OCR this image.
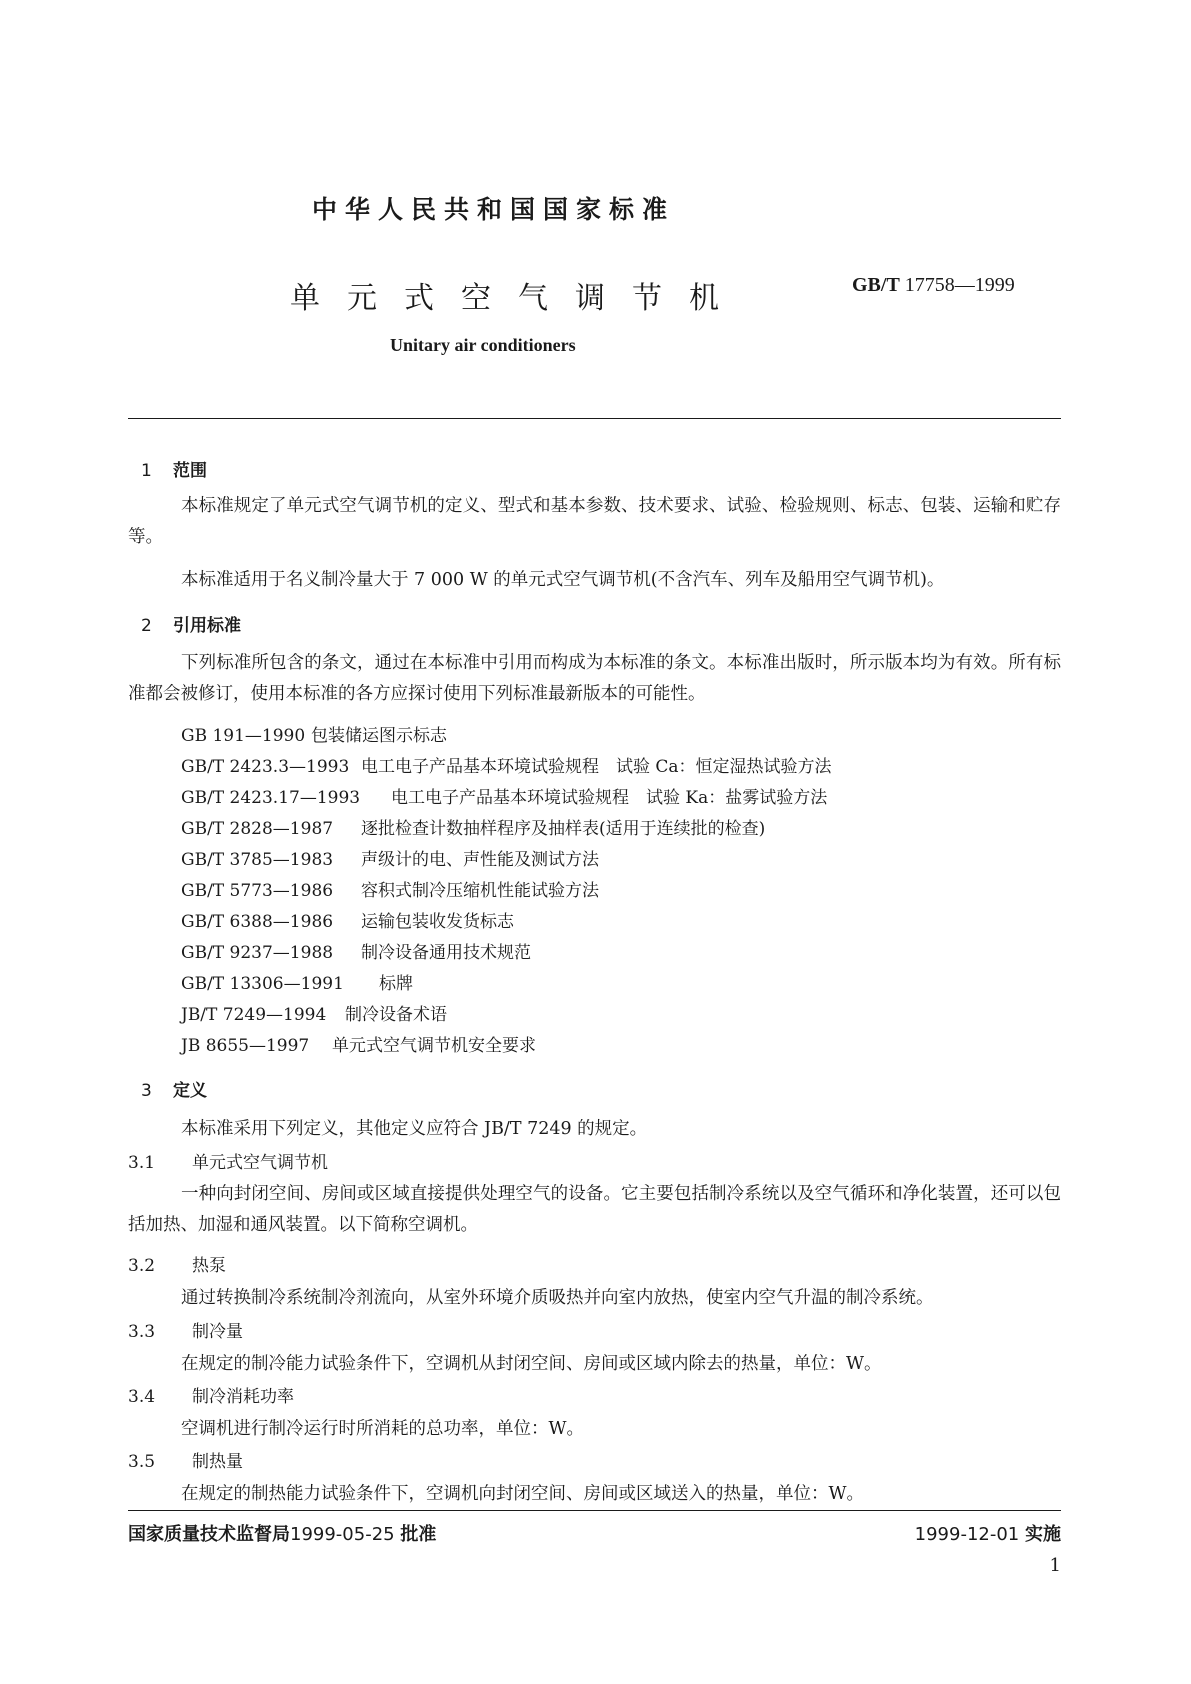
中华人民共和国国家标准
单元式空气调节机	GB/T 17758—1999
Unitary air conditioners
1 范围
本标准规定了单元式空气调节机的定义、型式和基本参数、技术要求、试验、检验规则、标志、包装、运输和贮存等。
本标准适用于名义制冷量大于 7 000 W 的单元式空气调节机(不含汽车、列车及船用空气调节机)。
2 引用标准
下列标准所包含的条文，通过在本标准中引用而构成为本标准的条文。本标准出版时，所示版本均为有效。所有标准都会被修订，使用本标准的各方应探讨使用下列标准最新版本的可能性。
GB 191—1990 包装储运图示标志
GB/T 2423.3—1993 电工电子产品基本环境试验规程　试验 Ca：恒定湿热试验方法
GB/T 2423.17—1993 电工电子产品基本环境试验规程　试验 Ka：盐雾试验方法
GB/T 2828—1987 逐批检查计数抽样程序及抽样表(适用于连续批的检查)
GB/T 3785—1983 声级计的电、声性能及测试方法
GB/T 5773—1986 容积式制冷压缩机性能试验方法
GB/T 6388—1986 运输包装收发货标志
GB/T 9237—1988 制冷设备通用技术规范
GB/T 13306—1991 标牌
JB/T 7249—1994 制冷设备术语
JB 8655—1997 单元式空气调节机安全要求
3 定义
本标准采用下列定义，其他定义应符合 JB/T 7249 的规定。
3.1 单元式空气调节机
一种向封闭空间、房间或区域直接提供处理空气的设备。它主要包括制冷系统以及空气循环和净化装置，还可以包括加热、加湿和通风装置。以下简称空调机。
3.2 热泵
通过转换制冷系统制冷剂流向，从室外环境介质吸热并向室内放热，使室内空气升温的制冷系统。
3.3 制冷量
在规定的制冷能力试验条件下，空调机从封闭空间、房间或区域内除去的热量，单位：W。
3.4 制冷消耗功率
空调机进行制冷运行时所消耗的总功率，单位：W。
3.5 制热量
在规定的制热能力试验条件下，空调机向封闭空间、房间或区域送入的热量，单位：W。
国家质量技术监督局1999-05-25 批准	1999-12-01 实施
1
